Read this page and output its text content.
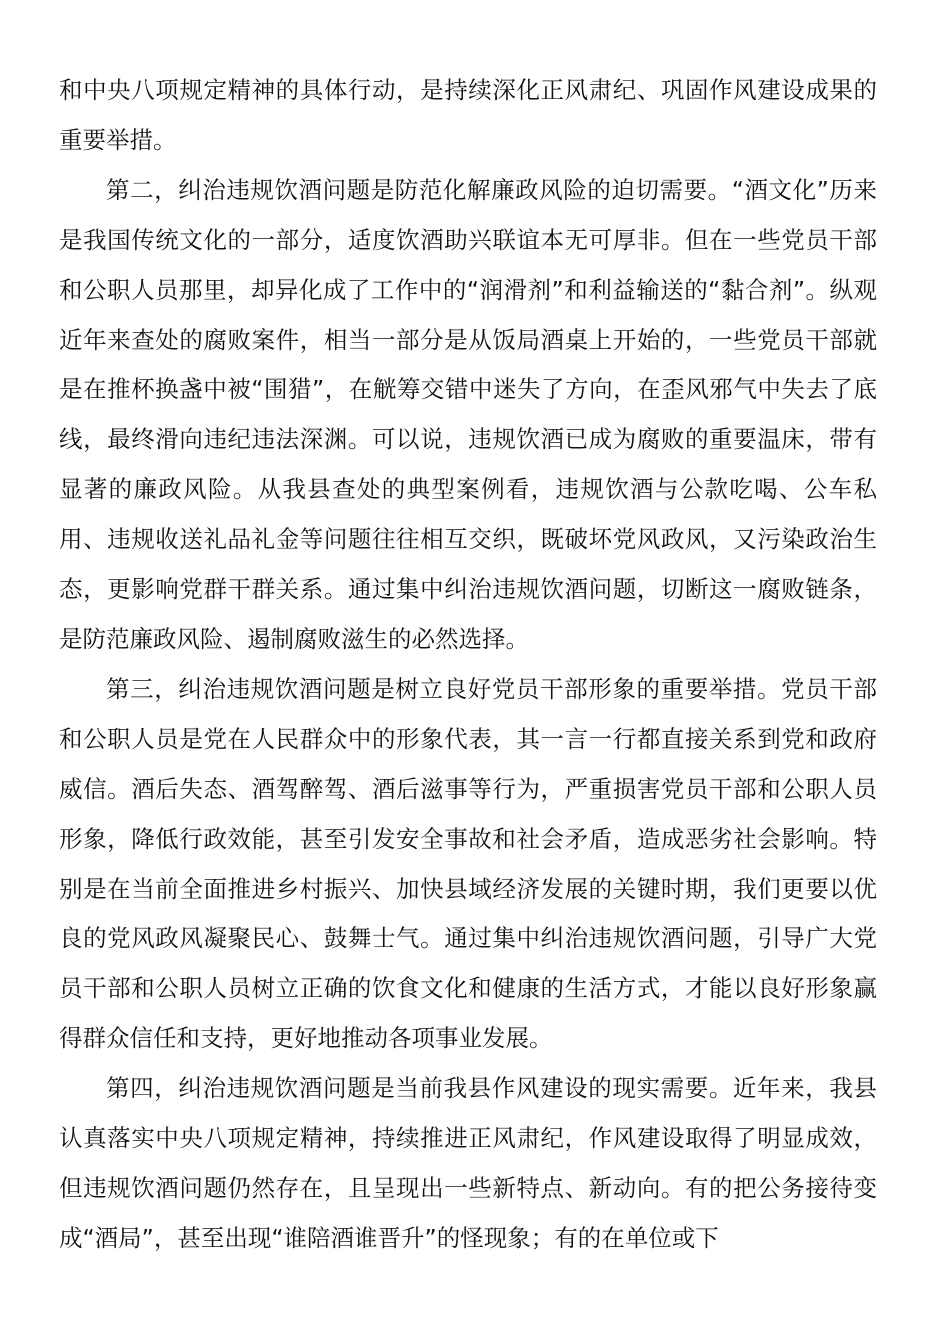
和中央八项规定精神的具体行动，是持续深化正风肃纪、巩固作风建设成果的重要举措。

第二，纠治违规饮酒问题是防范化解廉政风险的迫切需要。“酒文化”历来是我国传统文化的一部分，适度饮酒助兴联谊本无可厚非。但在一些党员干部和公职人员那里，却异化成了工作中的“润滑剂”和利益输送的“黏合剂”。纵观近年来查处的腐败案件，相当一部分是从饭局酒桌上开始的，一些党员干部就是在推杯换盏中被“围猎”，在觥筹交错中迷失了方向，在歪风邪气中失去了底线，最终滑向违纪违法深渊。可以说，违规饮酒已成为腐败的重要温床，带有显著的廉政风险。从我县查处的典型案例看，违规饮酒与公款吃喝、公车私用、违规收送礼品礼金等问题往往相互交织，既破坏党风政风，又污染政治生态，更影响党群干群关系。通过集中纠治违规饮酒问题，切断这一腐败链条，是防范廉政风险、遏制腐败滋生的必然选择。

第三，纠治违规饮酒问题是树立良好党员干部形象的重要举措。党员干部和公职人员是党在人民群众中的形象代表，其一言一行都直接关系到党和政府威信。酒后失态、酒驾醉驾、酒后滋事等行为，严重损害党员干部和公职人员形象，降低行政效能，甚至引发安全事故和社会矛盾，造成恶劣社会影响。特别是在当前全面推进乡村振兴、加快县域经济发展的关键时期，我们更要以优良的党风政风凝聚民心、鼓舞士气。通过集中纠治违规饮酒问题，引导广大党员干部和公职人员树立正确的饮食文化和健康的生活方式，才能以良好形象赢得群众信任和支持，更好地推动各项事业发展。

第四，纠治违规饮酒问题是当前我县作风建设的现实需要。近年来，我县认真落实中央八项规定精神，持续推进正风肃纪，作风建设取得了明显成效，但违规饮酒问题仍然存在，且呈现出一些新特点、新动向。有的把公务接待变成“酒局”，甚至出现“谁陪酒谁晋升”的怪现象；有的在单位或下
